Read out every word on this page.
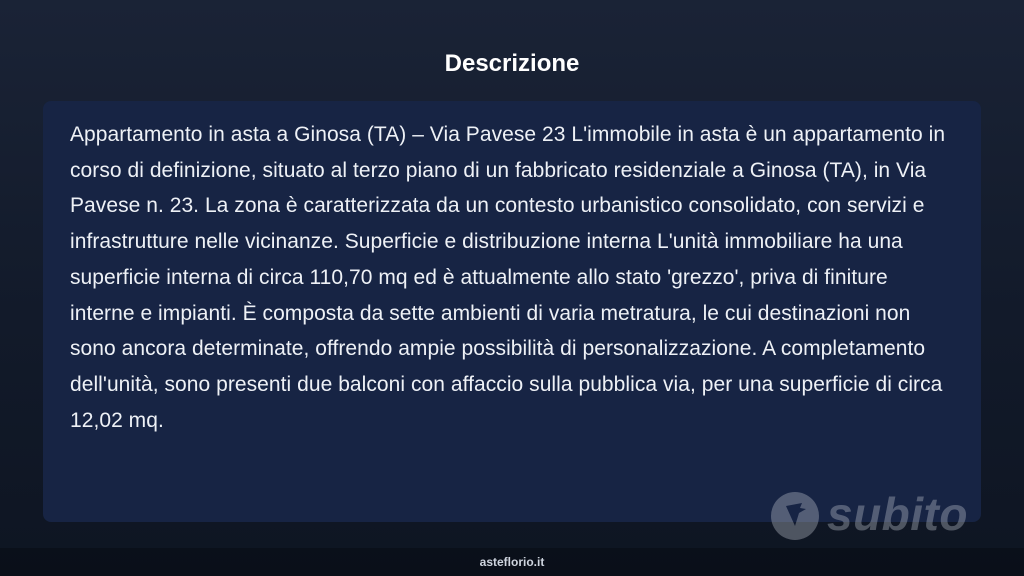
Descrizione

Appartamento in asta a Ginosa (TA) – Via Pavese 23 L'immobile in asta è un appartamento in corso di definizione, situato al terzo piano di un fabbricato residenziale a Ginosa (TA), in Via Pavese n. 23. La zona è caratterizzata da un contesto urbanistico consolidato, con servizi e infrastrutture nelle vicinanze. Superficie e distribuzione interna L'unità immobiliare ha una superficie interna di circa 110,70 mq ed è attualmente allo stato 'grezzo', priva di finiture interne e impianti. È composta da sette ambienti di varia metratura, le cui destinazioni non sono ancora determinate, offrendo ampie possibilità di personalizzazione. A completamento dell'unità, sono presenti due balconi con affaccio sulla pubblica via, per una superficie di circa 12,02 mq.

subito
asteflorio.it
